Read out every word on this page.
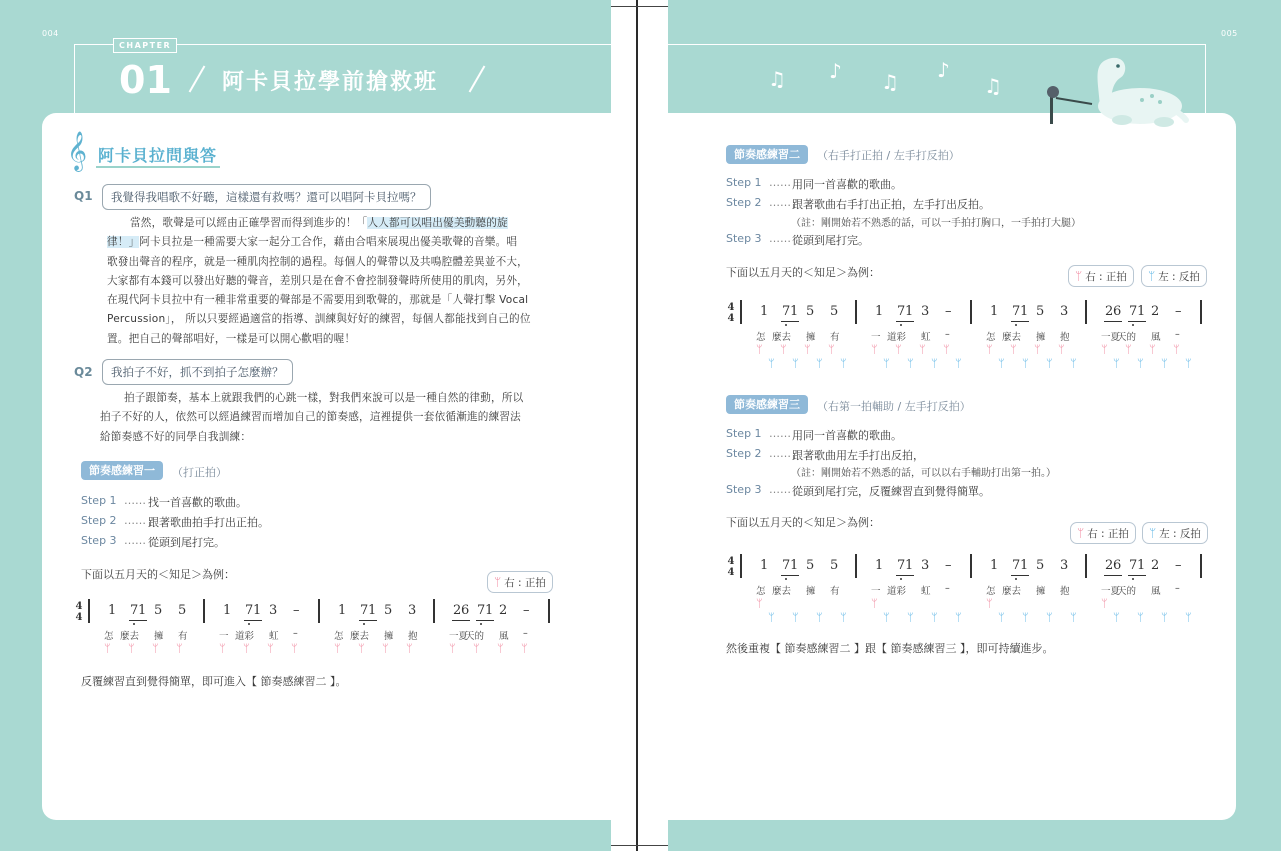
004	005
CHAPTER
01 阿卡貝拉學前搶救班	♫ ♪ ♫ ♪
♫
𝄞 阿卡貝拉問與答
Q1	我覺得我唱歌不好聽，這樣還有救嗎？還可以唱阿卡貝拉嗎？
當然，歌聲是可以經由正確學習而得到進步的！「人人都可以唱出優美動聽的旋
律！」阿卡貝拉是一種需要大家一起分工合作，藉由合唱來展現出優美歌聲的音樂。唱
歌發出聲音的程序，就是一種肌肉控制的過程。每個人的聲帶以及共鳴腔體差異並不大，
大家都有本錢可以發出好聽的聲音，差別只是在會不會控制發聲時所使用的肌肉，另外，
在現代阿卡貝拉中有一種非常重要的聲部是不需要用到歌聲的，那就是「人聲打擊 Vocal
Percussion」， 所以只要經過適當的指導、訓練與好好的練習，每個人都能找到自己的位
置。把自己的聲部唱好，一樣是可以開心歡唱的喔！
Q2	我拍子不好，抓不到拍子怎麼辦？
拍子跟節奏，基本上就跟我們的心跳一樣，對我們來說可以是一種自然的律動，所以
拍子不好的人，依然可以經過練習而增加自己的節奏感，這裡提供一套依循漸進的練習法
給節奏感不好的同學自我訓練：
節奏感練習一	（打正拍）
Step 1 …… 找一首喜歡的歌曲。
Step 2 …… 跟著歌曲拍手打出正拍。
Step 3 …… 從頭到尾打完。
下面以五月天的＜知足＞為例：
ᛘ 右 : 正拍
反覆練習直到覺得簡單，即可進入【 節奏感練習二 】。
節奏感練習二	（右手打正拍 / 左手打反拍）
Step 1 …… 用同一首喜歡的歌曲。
Step 2 …… 跟著歌曲右手打出正拍，左手打出反拍。
（註：剛開始若不熟悉的話，可以一手拍打胸口，一手拍打大腿）
Step 3 …… 從頭到尾打完。
下面以五月天的＜知足＞為例：	ᛘ 右 : 正拍	ᛘ 左 : 反拍
節奏感練習三	（右第一拍輔助 / 左手打反拍）
Step 1 …… 用同一首喜歡的歌曲。
Step 2 …… 跟著歌曲用左手打出反拍，
（註：剛開始若不熟悉的話，可以以右手輔助打出第一拍。）
Step 3 …… 從頭到尾打完，反覆練習直到覺得簡單。
下面以五月天的＜知足＞為例：
ᛘ 右 : 正拍	ᛘ 左 : 反拍
然後重複【 節奏感練習二 】跟【 節奏感練習三 】，即可持續進步。
4
4 1 7 1 5 5
怎 麼去 擁 有
ᛘ ᛘ ᛘ ᛘ
1 7 1 3 –
一 道彩 虹 –
ᛘ ᛘ ᛘ ᛘ
1 7 1 5 3
怎 麼去 擁 抱
ᛘ ᛘ ᛘ ᛘ
2 6 7 1 2 –
一夏
天的 風 –
ᛘ ᛘ ᛘ ᛘ
4
4 1 7 1 5 5
怎 麼去 擁 有
ᛘ ᛘ ᛘ ᛘ
ᛘ ᛘ ᛘ ᛘ
1 7 1 3 –
一 道彩 虹 –
ᛘ ᛘ ᛘ ᛘ
ᛘ ᛘ ᛘ ᛘ
1 7 1 5 3
怎 麼去 擁 抱
ᛘ ᛘ ᛘ ᛘ
ᛘ ᛘ ᛘ ᛘ
2 6 7 1 2 –
一夏
天的 風 –
ᛘ ᛘ ᛘ ᛘ
ᛘ ᛘ ᛘ ᛘ
4
4 1 7 1 5 5
怎 麼去 擁 有
ᛘ
ᛘ ᛘ ᛘ ᛘ
1 7 1 3 –
一 道彩 虹 –
ᛘ
ᛘ ᛘ ᛘ ᛘ
1 7 1 5 3
怎 麼去 擁 抱
ᛘ
ᛘ ᛘ ᛘ ᛘ
2 6 7 1 2 –
一夏
天的 風 –
ᛘ
ᛘ ᛘ ᛘ ᛘ
